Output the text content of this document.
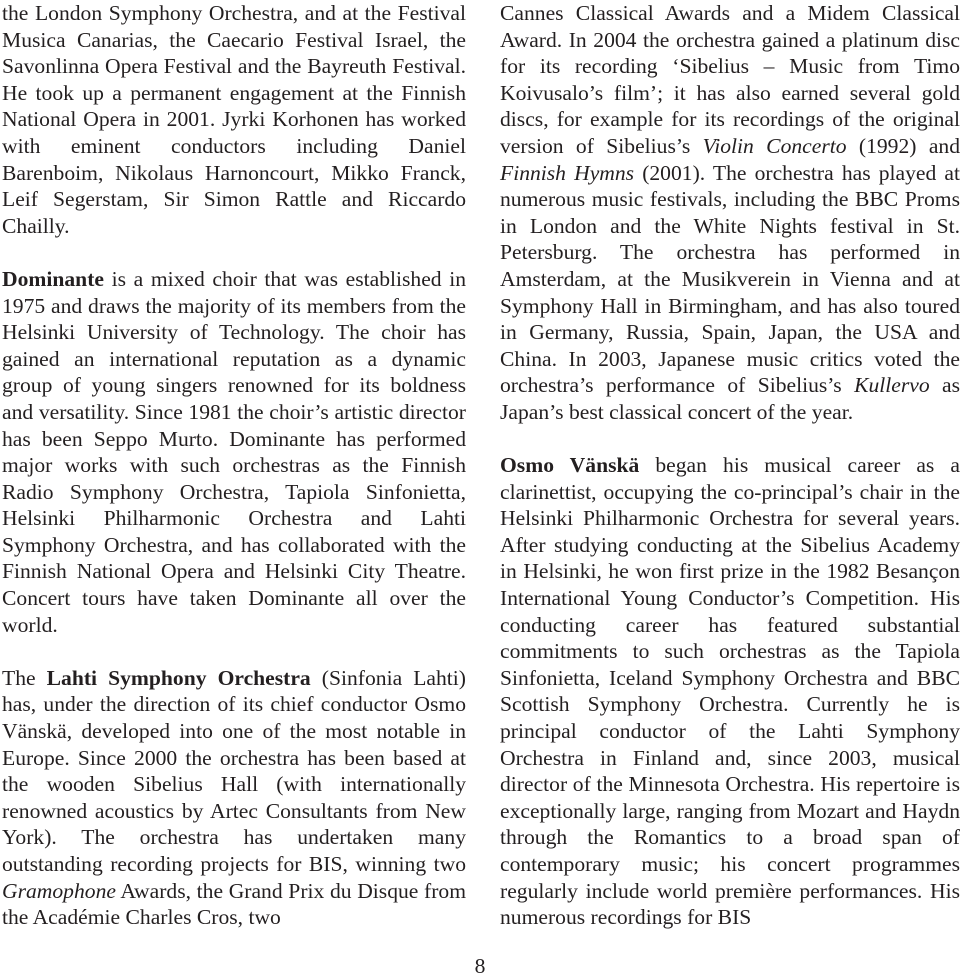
the London Symphony Orchestra, and at the Festival Musica Canarias, the Caecario Festival Israel, the Savonlinna Opera Festival and the Bayreuth Festival. He took up a permanent engagement at the Finnish National Opera in 2001. Jyrki Korhonen has worked with eminent conductors including Daniel Barenboim, Nikolaus Harnoncourt, Mikko Franck, Leif Segerstam, Sir Simon Rattle and Riccardo Chailly.

Dominante is a mixed choir that was established in 1975 and draws the majority of its members from the Helsinki University of Technology. The choir has gained an international reputation as a dynamic group of young singers renowned for its boldness and versatility. Since 1981 the choir’s artistic director has been Seppo Murto. Dominante has performed major works with such orchestras as the Finnish Radio Symphony Orchestra, Tapiola Sinfonietta, Helsinki Philharmonic Orchestra and Lahti Symphony Orchestra, and has collaborated with the Finnish National Opera and Helsinki City Theatre. Concert tours have taken Dominante all over the world.

The Lahti Symphony Orchestra (Sinfonia Lahti) has, under the direction of its chief conductor Osmo Vänskä, developed into one of the most notable in Europe. Since 2000 the orchestra has been based at the wooden Sibelius Hall (with internationally renowned acoustics by Artec Consultants from New York). The orchestra has undertaken many outstanding recording projects for BIS, winning two Gramophone Awards, the Grand Prix du Disque from the Académie Charles Cros, two

Cannes Classical Awards and a Midem Classical Award. In 2004 the orchestra gained a platinum disc for its recording ‘Sibelius – Music from Timo Koivusalo’s film’; it has also earned several gold discs, for example for its recordings of the original version of Sibelius’s Violin Concerto (1992) and Finnish Hymns (2001). The orchestra has played at numerous music festivals, including the BBC Proms in London and the White Nights festival in St. Petersburg. The orchestra has performed in Amsterdam, at the Musikverein in Vienna and at Symphony Hall in Birmingham, and has also toured in Germany, Russia, Spain, Japan, the USA and China. In 2003, Japanese music critics voted the orchestra’s performance of Sibelius’s Kullervo as Japan’s best classical concert of the year.

Osmo Vänskä began his musical career as a clarinettist, occupying the co-principal’s chair in the Helsinki Philharmonic Orchestra for several years. After studying conducting at the Sibelius Academy in Helsinki, he won first prize in the 1982 Besançon International Young Conductor’s Competition. His conducting career has featured substantial commitments to such orchestras as the Tapiola Sinfonietta, Iceland Symphony Orchestra and BBC Scottish Symphony Orchestra. Currently he is principal conductor of the Lahti Symphony Orchestra in Finland and, since 2003, musical director of the Minnesota Orchestra. His repertoire is exceptionally large, ranging from Mozart and Haydn through the Romantics to a broad span of contemporary music; his concert programmes regularly include world première performances. His numerous recordings for BIS

8
